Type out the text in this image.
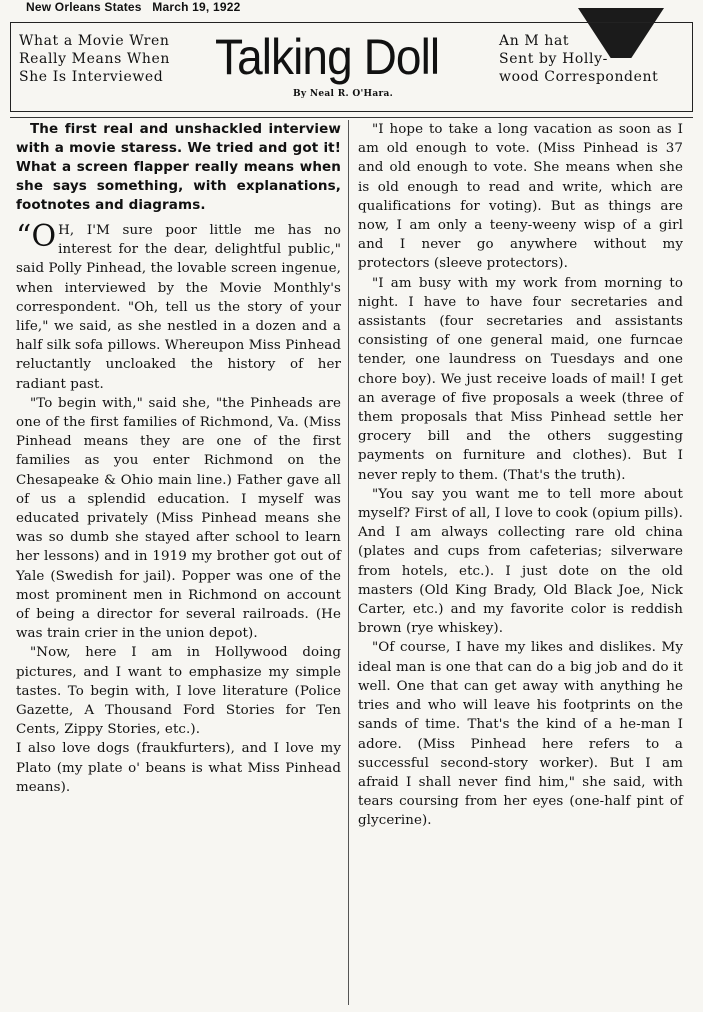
New Orleans States   March 19, 1922
What a Movie Wren
Really Means When
She Is Interviewed	Talking Doll
By Neal R. O'Hara.
An M hat
Sent by Holly-
wood Correspondent

The first real and unshackled interview with a movie staress. We tried and got it! What a screen flapper really means when she says something, with explanations, footnotes and diagrams.

“O H, I'M sure poor little me has no interest for the dear, delightful public," said Polly Pinhead, the lovable screen ingenue, when interviewed by the Movie Monthly's correspondent. "Oh, tell us the story of your life," we said, as she nestled in a dozen and a half silk sofa pillows. Whereupon Miss Pinhead reluctantly uncloaked the history of her radiant past.

"To begin with," said she, "the Pinheads are one of the first families of Richmond, Va. (Miss Pinhead means they are one of the first families as you enter Richmond on the Chesapeake & Ohio main line.) Father gave all of us a splendid education. I myself was educated privately (Miss Pinhead means she was so dumb she stayed after school to learn her lessons) and in 1919 my brother got out of Yale (Swedish for jail). Popper was one of the most prominent men in Richmond on account of being a director for several railroads. (He was train crier in the union depot).

"Now, here I am in Hollywood doing pictures, and I want to emphasize my simple tastes. To begin with, I love literature (Police Gazette, A Thousand Ford Stories for Ten Cents, Zippy Stories, etc.).

I also love dogs (fraukfurters), and I love my Plato (my plate o' beans is what Miss Pinhead means).

"I hope to take a long vacation as soon as I am old enough to vote. (Miss Pinhead is 37 and old enough to vote. She means when she is old enough to read and write, which are qualifications for voting). But as things are now, I am only a teeny-weeny wisp of a girl and I never go anywhere without my protectors (sleeve protectors).

"I am busy with my work from morning to night. I have to have four secretaries and assistants (four secretaries and assistants consisting of one general maid, one furncae tender, one laundress on Tuesdays and one chore boy). We just receive loads of mail! I get an average of five proposals a week (three of them proposals that Miss Pinhead settle her grocery bill and the others suggesting payments on furniture and clothes). But I never reply to them. (That's the truth).

"You say you want me to tell more about myself? First of all, I love to cook (opium pills). And I am always collecting rare old china (plates and cups from cafeterias; silverware from hotels, etc.). I just dote on the old masters (Old King Brady, Old Black Joe, Nick Carter, etc.) and my favorite color is reddish brown (rye whiskey).

"Of course, I have my likes and dislikes. My ideal man is one that can do a big job and do it well. One that can get away with anything he tries and who will leave his footprints on the sands of time. That's the kind of a he-man I adore. (Miss Pinhead here refers to a successful second-story worker). But I am afraid I shall never find him," she said, with tears coursing from her eyes (one-half pint of glycerine).
